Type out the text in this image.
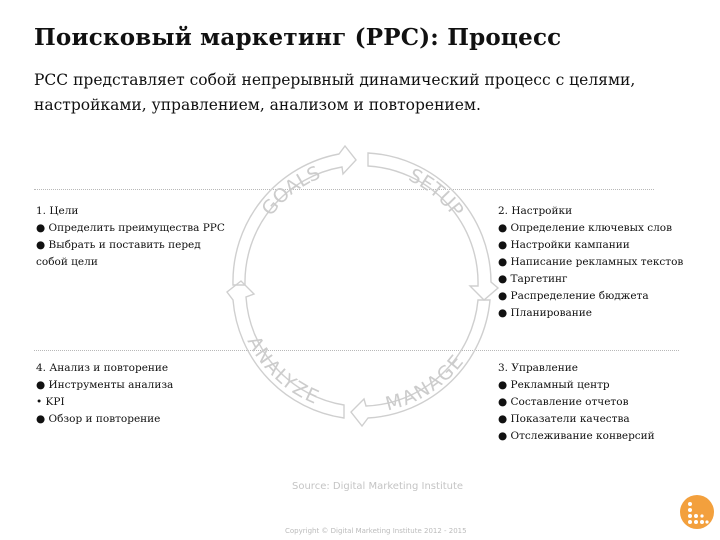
Поисковый маркетинг (PPC): Процесс
PCC представляет собой непрерывный динамический процесс с целями, настройками, управлением, анализом и повторением.
GOALS	SETUP
MANAGE
ANALYZE
1. Цели
● Определить преимущества PPC
● Выбрать и поставить перед собой цели
2. Настройки
● Определение ключевых слов
● Настройки кампании
● Написание рекламных текстов
● Таргетинг
● Распределение бюджета
● Планирование
4. Анализ и повторение
● Инструменты анализа
• KPI
● Обзор и повторение
3. Управление
● Рекламный центр
● Составление отчетов
● Показатели качества
● Отслеживание конверсий
Source: Digital Marketing Institute
Copyright © Digital Marketing Institute 2012 - 2015
